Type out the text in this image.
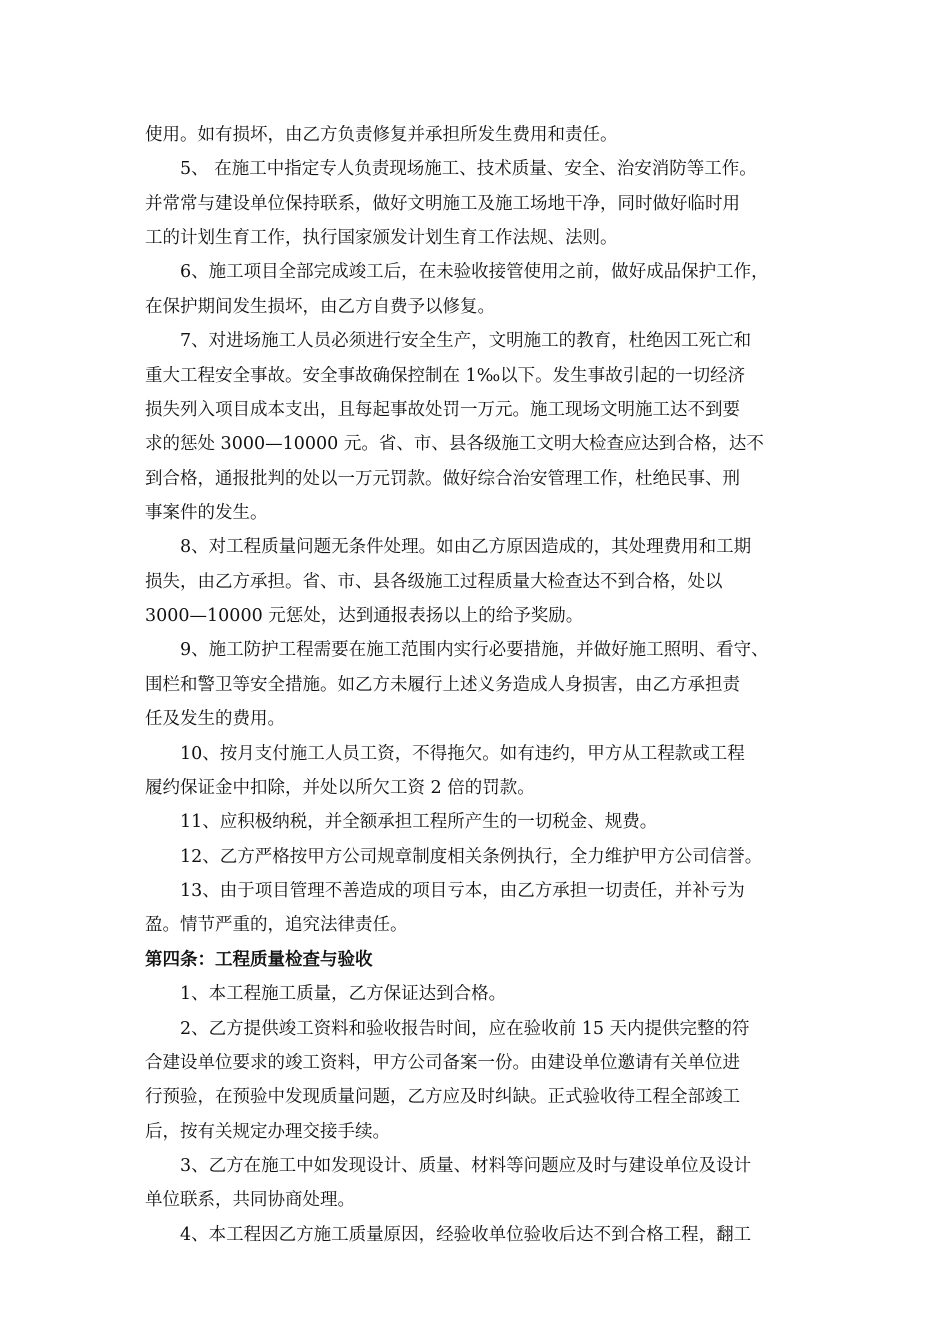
使用。如有损坏，由乙方负责修复并承担所发生费用和责任。
5、 在施工中指定专人负责现场施工、技术质量、安全、治安消防等工作。
并常常与建设单位保持联系，做好文明施工及施工场地干净，同时做好临时用
工的计划生育工作，执行国家颁发计划生育工作法规、法则。
6、施工项目全部完成竣工后，在未验收接管使用之前，做好成品保护工作，
在保护期间发生损坏，由乙方自费予以修复。
7、对进场施工人员必须进行安全生产，文明施工的教育，杜绝因工死亡和
重大工程安全事故。安全事故确保控制在 1‰以下。发生事故引起的一切经济
损失列入项目成本支出，且每起事故处罚一万元。施工现场文明施工达不到要
求的惩处 3000—10000 元。省、市、县各级施工文明大检查应达到合格，达不
到合格，通报批判的处以一万元罚款。做好综合治安管理工作，杜绝民事、刑
事案件的发生。
8、对工程质量问题无条件处理。如由乙方原因造成的，其处理费用和工期
损失，由乙方承担。省、市、县各级施工过程质量大检查达不到合格，处以
3000—10000 元惩处，达到通报表扬以上的给予奖励。
9、施工防护工程需要在施工范围内实行必要措施，并做好施工照明、看守、
围栏和警卫等安全措施。如乙方未履行上述义务造成人身损害，由乙方承担责
任及发生的费用。
10、按月支付施工人员工资，不得拖欠。如有违约，甲方从工程款或工程
履约保证金中扣除，并处以所欠工资 2 倍的罚款。
11、应积极纳税，并全额承担工程所产生的一切税金、规费。
12、乙方严格按甲方公司规章制度相关条例执行，全力维护甲方公司信誉。
13、由于项目管理不善造成的项目亏本，由乙方承担一切责任，并补亏为
盈。情节严重的，追究法律责任。
第四条：工程质量检查与验收
1、本工程施工质量，乙方保证达到合格。
2、乙方提供竣工资料和验收报告时间，应在验收前 15 天内提供完整的符
合建设单位要求的竣工资料，甲方公司备案一份。由建设单位邀请有关单位进
行预验，在预验中发现质量问题，乙方应及时纠缺。正式验收待工程全部竣工
后，按有关规定办理交接手续。
3、乙方在施工中如发现设计、质量、材料等问题应及时与建设单位及设计
单位联系，共同协商处理。
4、本工程因乙方施工质量原因，经验收单位验收后达不到合格工程，翻工
